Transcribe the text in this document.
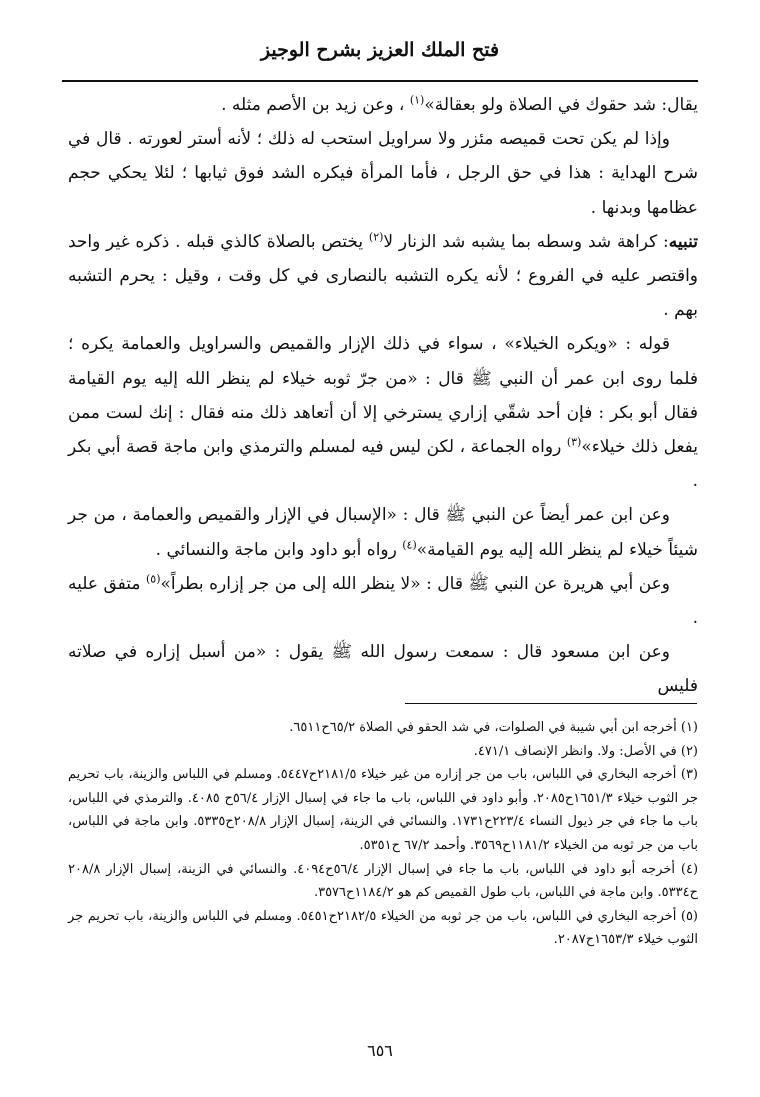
فتح الملك العزيز بشرح الوجيز

يقال: شد حقوك في الصلاة ولو بعقالة»$^{(١)}$ ، وعن زيد بن الأصم مثله .

وإذا لم يكن تحت قميصه مئزر ولا سراويل استحب له ذلك ؛ لأنه أستر لعورته . قال في شرح الهداية : هذا في حق الرجل ، فأما المرأة فيكره الشد فوق ثيابها ؛ لئلا يحكي حجم عظامها وبدنها .

تنبيه: كراهة شد وسطه بما يشبه شد الزنار لا$^{(٢)}$ يختص بالصلاة كالذي قبله . ذكره غير واحد واقتصر عليه في الفروع ؛ لأنه يكره التشبه بالنصارى في كل وقت ، وقيل : يحرم التشبه بهم .

قوله : «ويكره الخيلاء» ، سواء في ذلك الإزار والقميص والسراويل والعمامة يكره ؛ فلما روى ابن عمر أن النبي ﷺ قال : «من جرّ ثوبه خيلاء لم ينظر الله إليه يوم القيامة فقال أبو بكر : فإن أحد شقّي إزاري يسترخي إلا أن أتعاهد ذلك منه فقال : إنك لست ممن يفعل ذلك خيلاء»$^{(٣)}$ رواه الجماعة ، لكن ليس فيه لمسلم والترمذي وابن ماجة قصة أبي بكر .

وعن ابن عمر أيضاً عن النبي ﷺ قال : «الإسبال في الإزار والقميص والعمامة ، من جر شيئاً خيلاء لم ينظر الله إليه يوم القيامة»$^{(٤)}$ رواه أبو داود وابن ماجة والنسائي .

وعن أبي هريرة عن النبي ﷺ قال : «لا ينظر الله إلى من جر إزاره بطراً»$^{(٥)}$ متفق عليه .

وعن ابن مسعود قال : سمعت رسول الله ﷺ يقول : «من أسبل إزاره في صلاته فليس

(١) أخرجه ابن أبي شيبة في الصلوات، في شد الحقو في الصلاة ٦٥/٢ح٦٥١١.

(٢) في الأصل: ولا. وانظر الإنصاف ٤٧١/١.

(٣) أخرجه البخاري في اللباس، باب من جر إزاره من غير خيلاء ٢١٨١/٥ح٥٤٤٧. ومسلم في اللباس والزينة، باب تحريم جر الثوب خيلاء ١٦٥١/٣ح٢٠٨٥. وأبو داود في اللباس، باب ما جاء في إسبال الإزار ٥٦/٤ح ٤٠٨٥. والترمذي في اللباس، باب ما جاء في جر ذيول النساء ٢٢٣/٤ح١٧٣١. والنسائي في الزينة، إسبال الإزار ٢٠٨/٨ح٥٣٣٥. وابن ماجة في اللباس، باب من جر ثوبه من الخيلاء ١١٨١/٢ح٣٥٦٩. وأحمد ٦٧/٢ ح٥٣٥١.

(٤) أخرجه أبو داود في اللباس، باب ما جاء في إسبال الإزار ٥٦/٤ح٤٠٩٤. والنسائي في الزينة، إسبال الإزار ٢٠٨/٨ ح٥٣٣٤. وابن ماجة في اللباس، باب طول القميص كم هو ١١٨٤/٢ح٣٥٧٦.

(٥) أخرجه البخاري في اللباس، باب من جر ثوبه من الخيلاء ٢١٨٢/٥ح٥٤٥١. ومسلم في اللباس والزينة، باب تحريم جر الثوب خيلاء ١٦٥٣/٣ح٢٠٨٧.

٦٥٦
